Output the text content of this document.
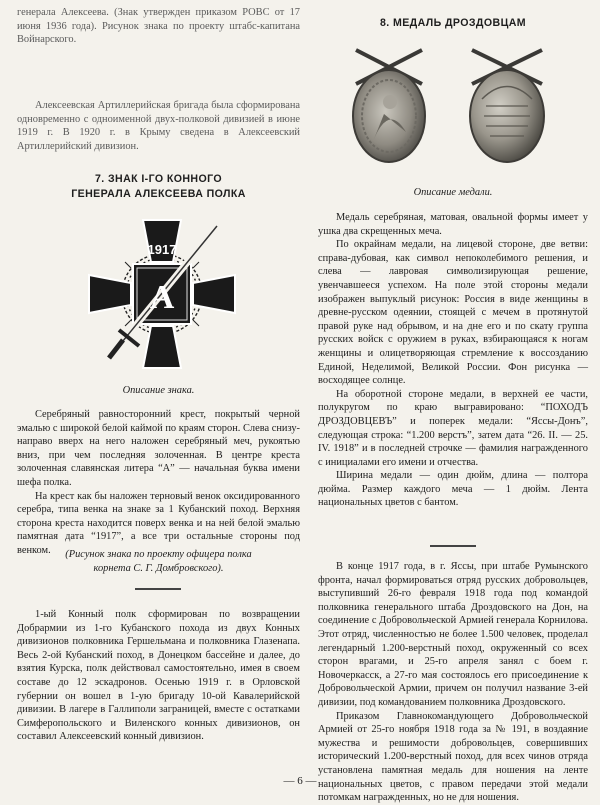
генерала Алексеева. (Знак утвержден приказом РОВС от 17 июня 1936 года). Рисунок знака по проекту штабс-капитана Войнарского.

Алексеевская Артиллерийская бригада была сформирована одновременно с одноименной двух-полковой дивизией в июне 1919 г. В 1920 г. в Крыму сведена в Алексеевский Артиллерийский дивизион.

7. ЗНАК I-ГО КОННОГО

ГЕНЕРАЛА АЛЕКСЕЕВА ПОЛКА

1917
А

Описание знака.

Серебряный равносторонний крест, покрытый черной эмалью с широкой белой каймой по краям сторон. Слева снизу-направо вверх на него наложен серебряный меч, рукоятью вниз, при чем последняя золоченная. В центре креста золоченная славянская литера “А” — начальная буква имени шефа полка.

На крест как бы наложен терновый венок оксидированного серебра, типа венка на знаке за 1 Кубанский поход. Верхняя сторона креста находится поверх венка и на ней белой эмалью памятная дата “1917”, а все три остальные стороны под венком.	(Рисунок знака по проекту офицера полка

корнета С. Г. Домбровского).

1-ый Конный полк сформирован по возвращении Добрармии из 1-го Кубанского похода из двух Конных дивизионов полковника Гершельмана и полковника Глазенапа. Весь 2-ой Кубанский поход, в Донецком бассейне и далее, до взятия Курска, полк действовал самостоятельно, имея в своем составе до 12 эскадронов. Осенью 1919 г. в Орловской губернии он вошел в 1-ую бригаду 10-ой Кавалерийской дивизии. В лагере в Галлиполи заграницей, вместе с остатками Симферопольского и Виленского конных дивизионов, он составил Алексеевский конный дивизион.

8. МЕДАЛЬ ДРОЗДОВЦАМ

Описание медали.

Медаль серебряная, матовая, овальной формы имеет у ушка два скрещенных меча.

По окрайнам медали, на лицевой стороне, две ветви: справа-дубовая, как символ непоколебимого решения, и слева — лавровая символизирующая решение, увенчавшееся успехом. На поле этой стороны медали изображен выпуклый рисунок: Россия в виде женщины в древне-русском одеянии, стоящей с мечем в протянутой правой руке над обрывом, и на дне его и по скату группа русских войск с оружием в руках, взбирающаяся к ногам женщины и олицетворяющая стремление к воссозданию Единой, Неделимой, Великой России. Фон рисунка — восходящее солнце.

На оборотной стороне медали, в верхней ее части, полукругом по краю выгравировано: “ПОХОДЪ ДРОЗДОВЦЕВЪ” и поперек медали: “Яссы-Донъ”, следующая строка: “1.200 верстъ”, затем дата “26. II. — 25. IV. 1918” и в последней строчке — фамилия награжденного с инициалами его имени и отчества.

Ширина медали — один дюйм, длина — полтора дюйма. Размер каждого меча — 1 дюйм. Лента национальных цветов с бантом.

В конце 1917 года, в г. Яссы, при штабе Румынского фронта, начал формироваться отряд русских добровольцев, выступивший 26-го февраля 1918 года под командой полковника генерального штаба Дроздовского на Дон, на соединение с Добровольческой Армией генерала Корнилова. Этот отряд, численностью не более 1.500 человек, проделал легендарный 1.200-верстный поход, окруженный со всех сторон врагами, и 25-го апреля занял с боем г. Новочеркасск, а 27-го мая состоялось его присоединение к Добровольческой Армии, причем он получил название 3-ей дивизии, под командованием полковника Дроздовского.

Приказом Главнокомандующего Добровольческой Армией от 25-го ноября 1918 года за № 191, в воздаяние мужества и решимости добровольцев, совершивших исторический 1.200-верстный поход, для всех чинов отряда установлена памятная медаль для ношения на ленте национальных цветов, с правом передачи этой медали потомкам награжденных, но не для ношения.

— 6 —
